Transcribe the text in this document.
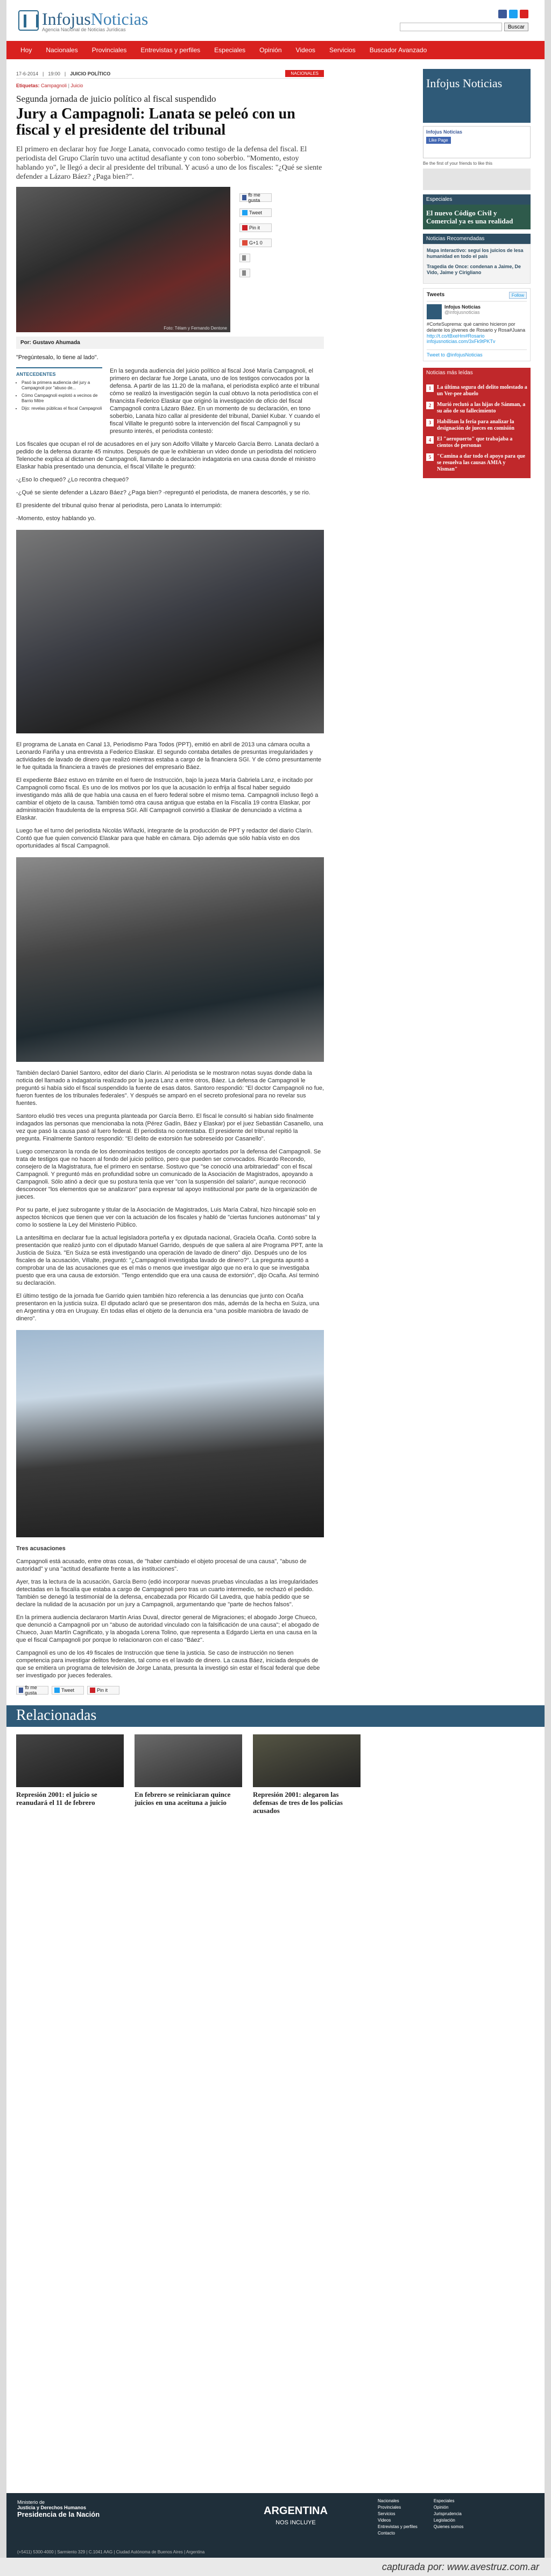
InfojusNoticias
Agencia Nacional de Noticias Jurídicas	Buscar
Hoy	Nacionales	Provinciales	Entrevistas y perfiles	Especiales	Opinión	Videos	Servicios	Buscador Avanzado
17-6-2014 | 19:00 | JUICIO POLÍTICO	NACIONALES
Etiquetas: Campagnoli | Juicio
Segunda jornada de juicio político al fiscal suspendido
Jury a Campagnoli: Lanata se peleó con un fiscal y el presidente del tribunal
El primero en declarar hoy fue Jorge Lanata, convocado como testigo de la defensa del fiscal. El periodista del Grupo Clarín tuvo una actitud desafiante y con tono soberbio. "Momento, estoy hablando yo", le llegó a decir al presidente del tribunal. Y acusó a uno de los fiscales: "¿Qué se siente defender a Lázaro Báez? ¿Paga bien?".
Foto: Télam y Fernando Dentone
fb me gusta
Tweet
Pin it
G+1
0
Por: Gustavo Ahumada
"Pregúntesalo, lo tiene al lado".
ANTECEDENTES
• Pasó la primera audiencia del jury a Campagnoli por "abuso de...
• Cómo Campagnoli explotó a vecinos de Barrio Mitre
• Dijo: revelas públicas el fiscal Campagnoli

En la segunda audiencia del juicio político al fiscal José María Campagnoli, el primero en declarar fue Jorge Lanata, uno de los testigos convocados por la defensa. A partir de las 11.20 de la mañana, el periodista explicó ante el tribunal cómo se realizó la investigación según la cual obtuvo la nota periodística con el financista Federico Elaskar que originó la investigación de oficio del fiscal Campagnoli contra Lázaro Báez. En un momento de su declaración, en tono soberbio, Lanata hizo callar al presidente del tribunal, Daniel Kubar. Y cuando el fiscal Villalte le preguntó sobre la intervención del fiscal Campagnoli y su presunto interés, el periodista contestó:

Los fiscales que ocupan el rol de acusadores en el jury son Adolfo Villalte y Marcelo García Berro. Lanata declaró a pedido de la defensa durante 45 minutos. Después de que le exhibieran un video donde un periodista del noticiero Telenoche explica al dictamen de Campagnoli, llamando a declaración indagatoria en una causa donde el ministro Elaskar había presentado una denuncia, el fiscal Villalte le preguntó:

-¿Eso lo chequeó? ¿Lo recontra chequeó?

-¿Qué se siente defender a Lázaro Báez? ¿Paga bien? -repreguntó el periodista, de manera descortés, y se rio.

El presidente del tribunal quiso frenar al periodista, pero Lanata lo interrumpió:

-Momento, estoy hablando yo.

El programa de Lanata en Canal 13, Periodismo Para Todos (PPT), emitió en abril de 2013 una cámara oculta a Leonardo Fariña y una entrevista a Federico Elaskar. El segundo contaba detalles de presuntas irregularidades y actividades de lavado de dinero que realizó mientras estaba a cargo de la financiera SGI. Y de cómo presuntamente le fue quitada la financiera a través de presiones del empresario Báez.
El expediente Báez estuvo en trámite en el fuero de Instrucción, bajo la jueza María Gabriela Lanz, e incitado por Campagnoli como fiscal. Es uno de los motivos por los que la acusación lo enfrija al fiscal haber seguido investigando más allá de que había una causa en el fuero federal sobre el mismo tema. Campagnoli incluso llegó a cambiar el objeto de la causa. También tomó otra causa antigua que estaba en la Fiscalía 19 contra Elaskar, por administración fraudulenta de la empresa SGI. Allí Campagnoli convirtió a Elaskar de denunciado a víctima a Elaskar.
Luego fue el turno del periodista Nicolás Wiñazki, integrante de la producción de PPT y redactor del diario Clarín. Contó que fue quien convenció Elaskar para que hable en cámara. Dijo además que sólo había visto en dos oportunidades al fiscal Campagnoli.
También declaró Daniel Santoro, editor del diario Clarín. Al periodista se le mostraron notas suyas donde daba la noticia del llamado a indagatoria realizado por la jueza Lanz a entre otros, Báez. La defensa de Campagnoli le preguntó si había sido el fiscal suspendido la fuente de esas datos. Santoro respondió: "El doctor Campagnoli no fue, fueron fuentes de los tribunales federales". Y después se amparó en el secreto profesional para no revelar sus fuentes.
Santoro eludió tres veces una pregunta planteada por García Berro. El fiscal le consultó si habían sido finalmente indagados las personas que mencionaba la nota (Pérez Gadín, Báez y Elaskar) por el juez Sebastián Casanello, una vez que pasó la causa pasó al fuero federal. El periodista no contestaba. El presidente del tribunal repitió la pregunta. Finalmente Santoro respondió: "El delito de extorsión fue sobreseído por Casanello".
Luego comenzaron la ronda de los denominados testigos de concepto aportados por la defensa del Campagnoli. Se trata de testigos que no hacen al fondo del juicio político, pero que pueden ser convocados. Ricardo Recondo, consejero de la Magistratura, fue el primero en sentarse. Sostuvo que "se conoció una arbitrariedad" con el fiscal Campagnoli. Y preguntó más en profundidad sobre un comunicado de la Asociación de Magistrados, apoyando a Campagnoli. Sólo atinó a decir que su postura tenía que ver "con la suspensión del salario", aunque reconoció desconocer "los elementos que se analizaron" para expresar tal apoyo institucional por parte de la organización de jueces.
Por su parte, el juez subrogante y titular de la Asociación de Magistrados, Luis María Cabral, hizo hincapié solo en aspectos técnicos que tienen que ver con la actuación de los fiscales y habló de "ciertas funciones autónomas" tal y como lo sostiene la Ley del Ministerio Público.
La antesiltima en declarar fue la actual legisladora porteña y ex diputada nacional, Graciela Ocaña. Contó sobre la presentación que realizó junto con el diputado Manuel Garrido, después de que saliera al aire Programa PPT, ante la Justicia de Suiza. "En Suiza se está investigando una operación de lavado de dinero" dijo. Después uno de los fiscales de la acusación, Villalte, preguntó: "¿Campagnoli investigaba lavado de dinero?". La pregunta apuntó a comprobar una de las acusaciones que es el más o menos que investigar algo que no era lo que se investigaba puesto que era una causa de extorsión. "Tengo entendido que era una causa de extorsión", dijo Ocaña. Así terminó su declaración.
El último testigo de la jornada fue Garrido quien también hizo referencia a las denuncias que junto con Ocaña presentaron en la justicia suiza. El diputado aclaró que se presentaron dos más, además de la hecha en Suiza, una en Argentina y otra en Uruguay. En todas ellas el objeto de la denuncia era "una posible maniobra de lavado de dinero".
Tres acusaciones
Campagnoli está acusado, entre otras cosas, de "haber cambiado el objeto procesal de una causa", "abuso de autoridad" y una "actitud desafiante frente a las instituciones".
Ayer, tras la lectura de la acusación, García Berro (edió incorporar nuevas pruebas vinculadas a las irregularidades detectadas en la fiscalía que estaba a cargo de Campagnoli pero tras un cuarto intermedio, se rechazó el pedido. También se denegó la testimonial de la defensa, encabezada por Ricardo Gil Lavedra, que había pedido que se declare la nulidad de la acusación por un jury a Campagnoli, argumentando que "parte de hechos falsos".
En la primera audiencia declararon Martín Arias Duval, director general de Migraciones; el abogado Jorge Chueco, que denunció a Campagnoli por un "abuso de autoridad vinculado con la falsificación de una causa"; el abogado de Chueco, Juan Martín Cagnificato, y la abogada Lorena Tolino, que representa a Edgardo Lierta en una causa en la que el fiscal Campagnoli por porque lo relacionaron con el caso "Báez".
Campagnoli es uno de los 49 fiscales de Instrucción que tiene la justicia. Se caso de instrucción no tienen competencia para investigar delitos federales, tal como es el lavado de dinero. La causa Báez, iniciada después de que se emitiera un programa de televisión de Jorge Lanata, presunta la investigó sin estar el fiscal federal que debe ser investigado por jueces federales.
fb me gusta	Tweet	Pin it
Infojus Noticias
Infojus Noticias
Like Page
Be the first of your friends to like this
Especiales
El nuevo Código Civil y Comercial ya es una realidad
Noticias Recomendadas

Mapa interactivo: seguí los juicios de lesa humanidad en todo el país

Tragedia de Once: condenan a Jaime, De Vido, Jaime y Cirigliano

Tweets	Follow
Infojus Noticias
@infojusnoticias
#CorteSuprema: qué camino hicieron por delante los jóvenes de Rosario y Rosa#Juana
http://t.co/tBxeHm#Rosario infojusnoticias.com/3xFk9tPKTv
Tweet to @infojusNoticias
Noticias más leídas
1	La última segura del delito molestado a un Ver-pee abuelo
2	Murió reclutó a las hijas de Sánman, a su año de su fallecimiento
3	Habilitan la feria para analizar la designación de jueces en comisión
4	El "aeropuerto" que trabajaba a cientos de personas
5	"Camina a dar todo el apoyo para que se resuelva las causas AMIA y Nisman"
Relacionadas

Represión 2001: el juicio se reanudará el 11 de febrero

En febrero se reiniciaran quince juicios en una aceituna a juicio

Represión 2001: alegaron las defensas de tres de los policías acusados

Ministerio de
Justicia y Derechos Humanos
Presidencia de la Nación	ARGENTINA
NOS INCLUYE
Nacionales
Provinciales
Servicios
Videos
Entrevistas y perfiles
Contacto
Especiales
Opinión
Jurisprudencia
Legislación
Quienes somos
(+5411) 5300-4000 | Sarmiento 329 | C.1041 AAG | Ciudad Autónoma de Buenos Aires | Argentina
capturada por: www.avestruz.com.ar
